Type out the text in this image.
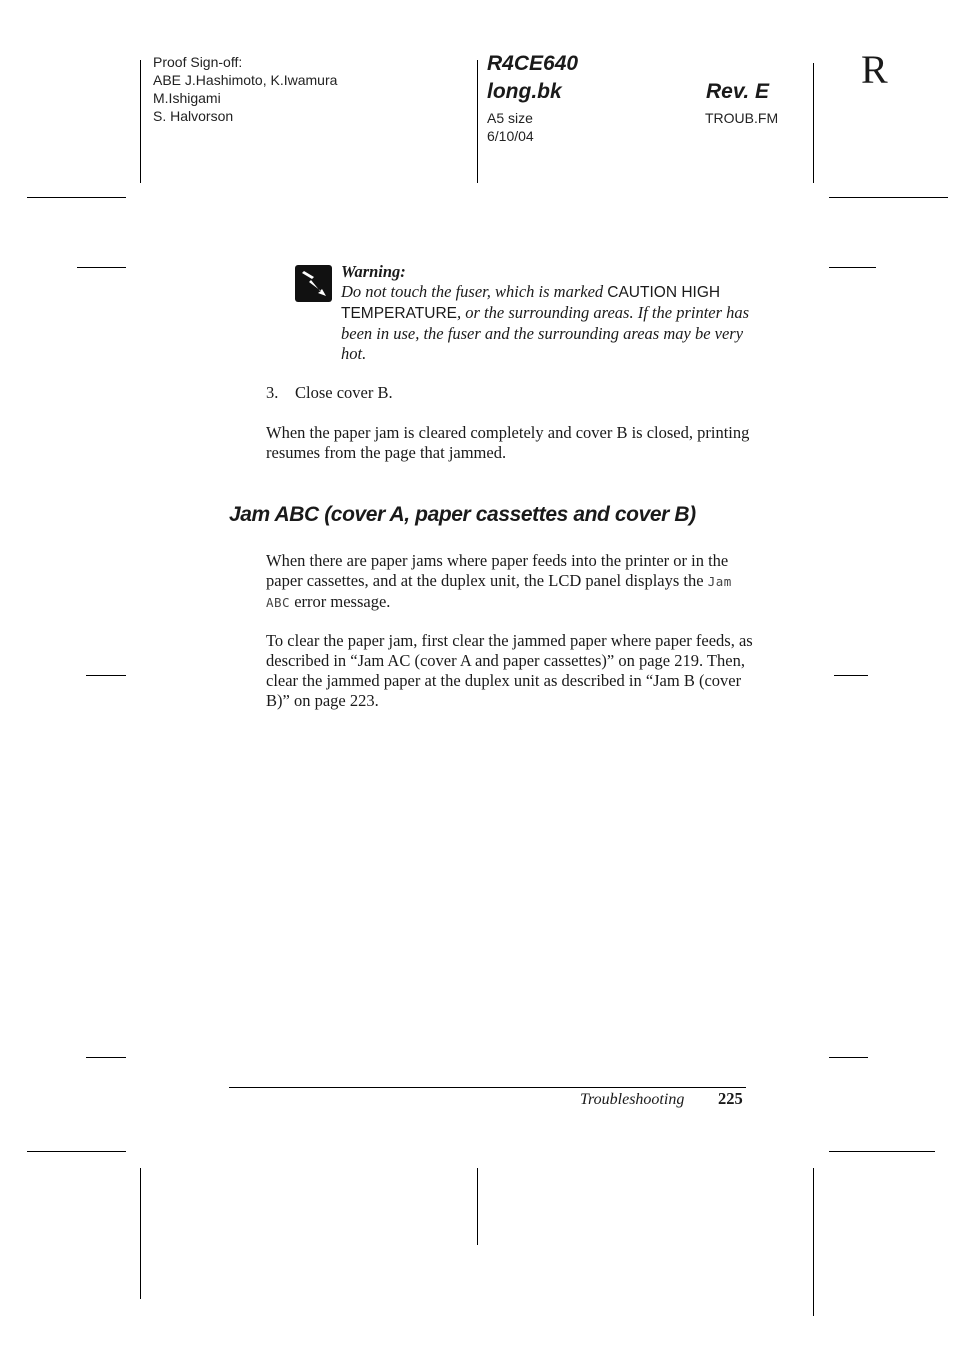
Proof Sign-off:
ABE J.Hashimoto, K.Iwamura
M.Ishigami
S. Halvorson
R4CE640
long.bk	Rev. E
A5 size
6/10/04
TROUB.FM
R
Warning:
Do not touch the fuser, which is marked CAUTION HIGH TEMPERATURE, or the surrounding areas. If the printer has been in use, the fuser and the surrounding areas may be very hot.
3. Close cover B.
When the paper jam is cleared completely and cover B is closed, printing resumes from the page that jammed.
Jam ABC (cover A, paper cassettes and cover B)
When there are paper jams where paper feeds into the printer or in the paper cassettes, and at the duplex unit, the LCD panel displays the Jam ABC error message.
To clear the paper jam, first clear the jammed paper where paper feeds, as described in “Jam AC (cover A and paper cassettes)” on page 219. Then, clear the jammed paper at the duplex unit as described in “Jam B (cover B)” on page 223.
Troubleshooting 225
